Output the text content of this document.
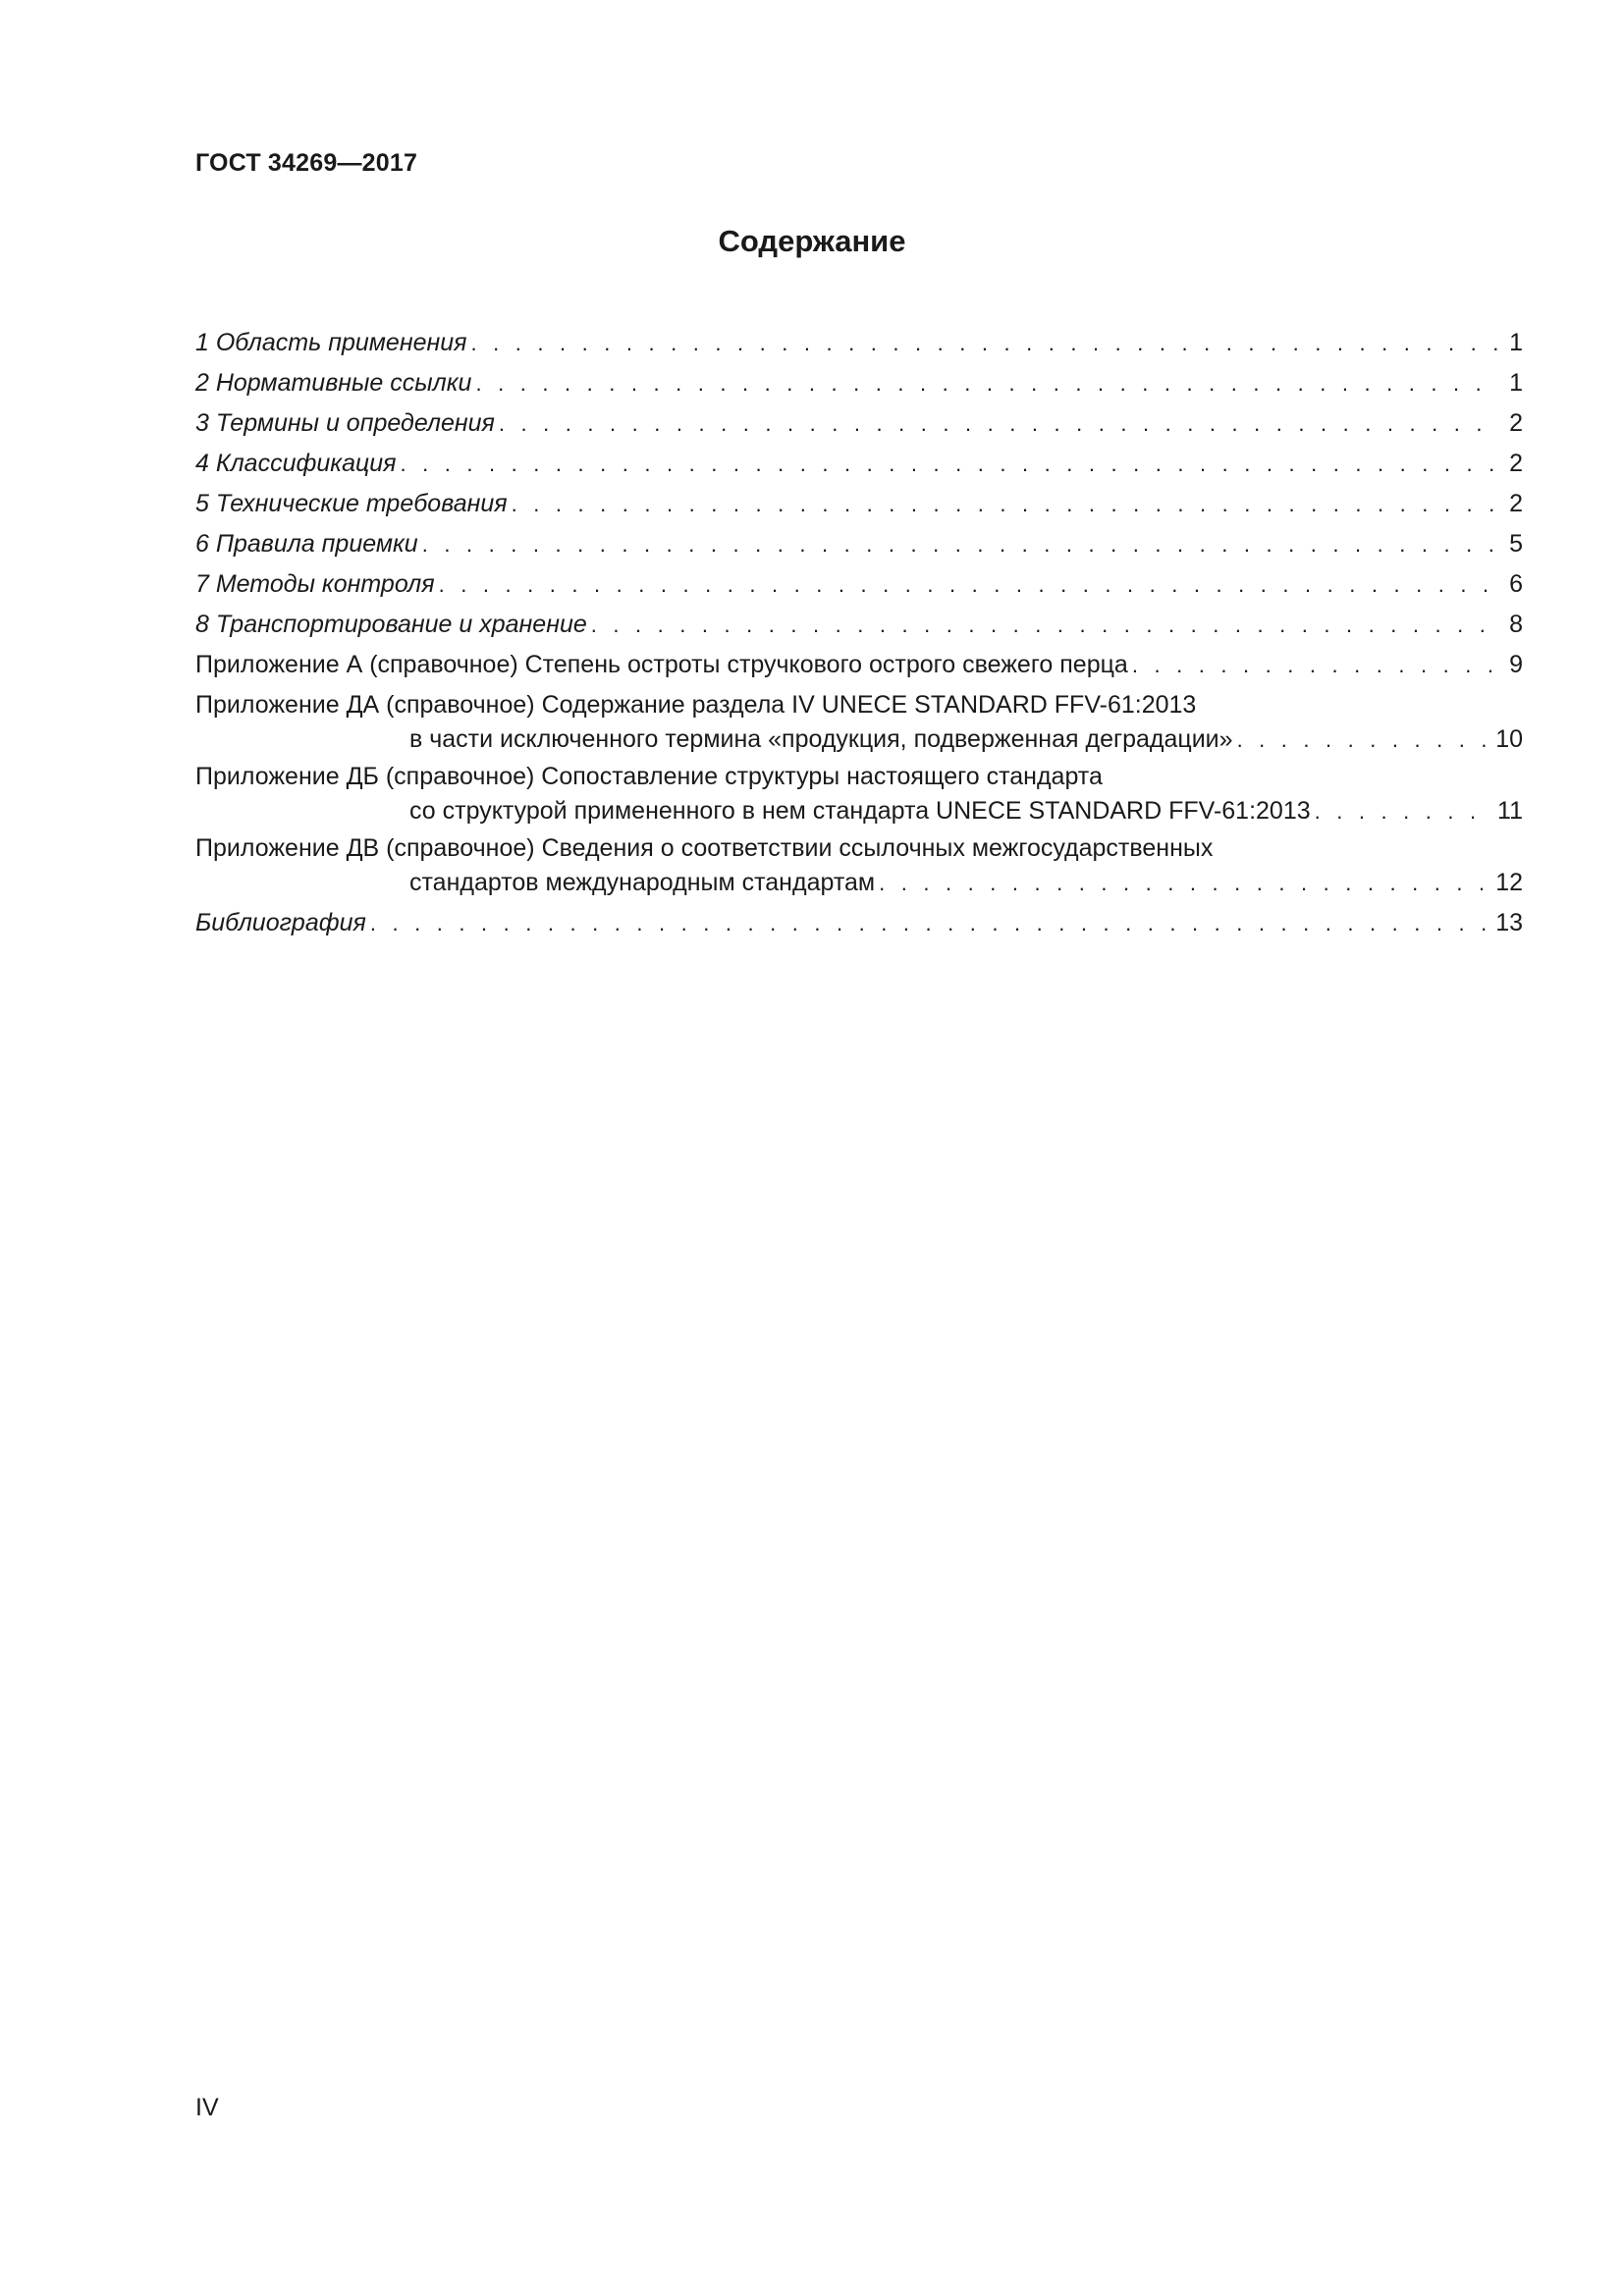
ГОСТ 34269—2017
Содержание
1 Область применения . . .	1
2 Нормативные ссылки . . .	1
3 Термины и определения . . .	2
4 Классификация . . .	2
5 Технические требования . . .	2
6 Правила приемки . . .	5
7 Методы контроля . . .	6
8 Транспортирование и хранение . . .	8
Приложение А (справочное) Степень остроты стручкового острого свежего перца . . .	9
Приложение ДА (справочное) Содержание раздела IV UNECE STANDARD FFV-61:2013
в части исключенного термина «продукция, подверженная деградации» . . .	10
Приложение ДБ (справочное) Сопоставление структуры настоящего стандарта
со структурой примененного в нем стандарта UNECE STANDARD FFV-61:2013 . . .	11
Приложение ДВ (справочное) Сведения о соответствии ссылочных межгосударственных
стандартов международным стандартам . . .	12
Библиография . . .	13
IV
